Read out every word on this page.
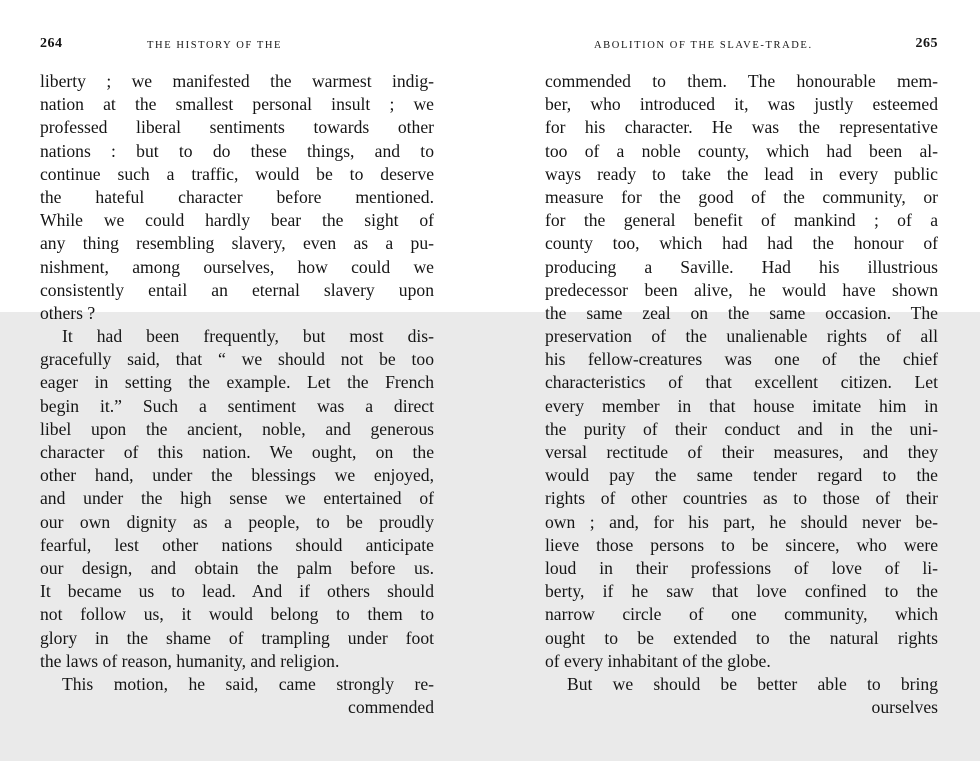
264	THE HISTORY OF THE
liberty ; we manifested the warmest indig-
nation at the smallest personal insult ; we
professed liberal sentiments towards other
nations : but to do these things, and to
continue such a traffic, would be to deserve
the hateful character before mentioned.
While we could hardly bear the sight of
any thing resembling slavery, even as a pu-
nishment, among ourselves, how could we
consistently entail an eternal slavery upon
others ?
It had been frequently, but most dis-
gracefully said, that “ we should not be too
eager in setting the example. Let the French
begin it.” Such a sentiment was a direct
libel upon the ancient, noble, and generous
character of this nation. We ought, on the
other hand, under the blessings we enjoyed,
and under the high sense we entertained of
our own dignity as a people, to be proudly
fearful, lest other nations should anticipate
our design, and obtain the palm before us.
It became us to lead. And if others should
not follow us, it would belong to them to
glory in the shame of trampling under foot
the laws of reason, humanity, and religion.
This motion, he said, came strongly re-
commended
ABOLITION OF THE SLAVE-TRADE.	265
commended to them. The honourable mem-
ber, who introduced it, was justly esteemed
for his character. He was the representative
too of a noble county, which had been al-
ways ready to take the lead in every public
measure for the good of the community, or
for the general benefit of mankind ; of a
county too, which had had the honour of
producing a Saville. Had his illustrious
predecessor been alive, he would have shown
the same zeal on the same occasion. The
preservation of the unalienable rights of all
his fellow-creatures was one of the chief
characteristics of that excellent citizen. Let
every member in that house imitate him in
the purity of their conduct and in the uni-
versal rectitude of their measures, and they
would pay the same tender regard to the
rights of other countries as to those of their
own ; and, for his part, he should never be-
lieve those persons to be sincere, who were
loud in their professions of love of li-
berty, if he saw that love confined to the
narrow circle of one community, which
ought to be extended to the natural rights
of every inhabitant of the globe.
But we should be better able to bring
ourselves
